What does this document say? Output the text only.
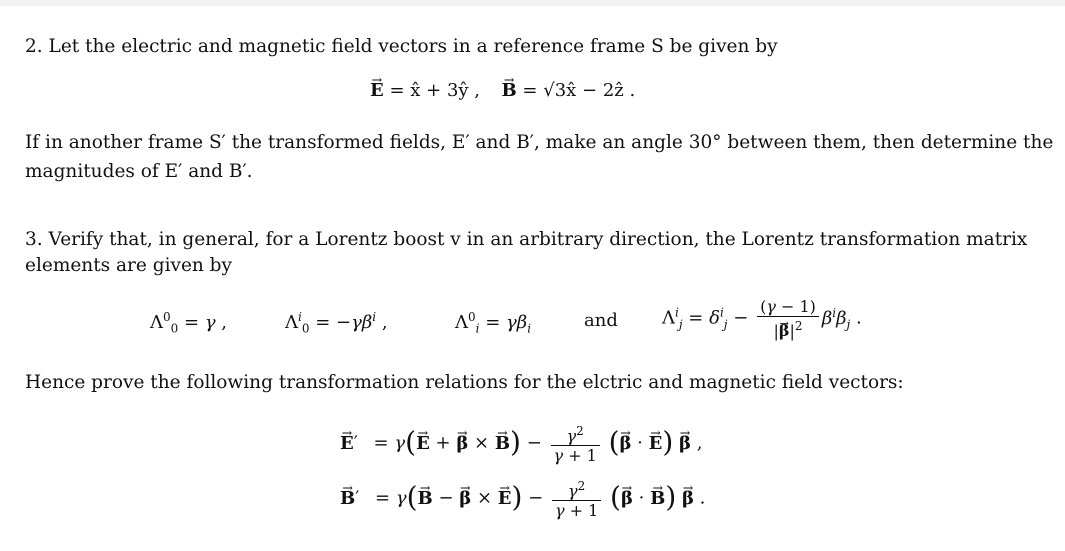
2. Let the electric and magnetic field vectors in a reference frame S be given by
→ E = x̂ + 3ŷ ,  → B = √3x̂ − 2ẑ .
If in another frame S′ the transformed fields, E′ and B′, make an angle 30° between them, then determine the
magnitudes of E′ and B′.
3. Verify that, in general, for a Lorentz boost v in an arbitrary direction, the Lorentz transformation matrix
elements are given by
$\Lambda^0_0 = \gamma$ ,	$\Lambda^i_0 = -\gamma\beta^i$ ,	$\Lambda^0_i = \gamma\beta_i$	and $\Lambda^i_j = \delta^i_j - \frac{(\gamma - 1)}{|\to \beta|^2} \beta^i\beta_j$ .
Hence prove the following transformation relations for the elctric and magnetic field vectors:
→ E′ = γ(→ E + → β × → $B) - \frac{\gamma^2}{\gamma + 1}$ (→ β · → E) → β ,
→ B′ = γ(→ B − → β × → $E) - \frac{\gamma^2}{\gamma + 1}$ (→ β · → B) → β .
